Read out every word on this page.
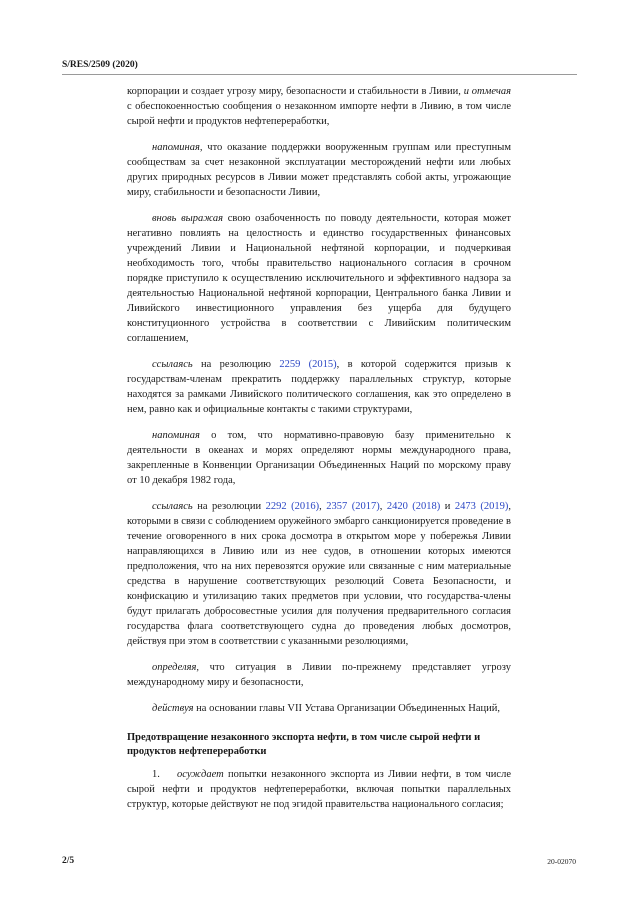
S/RES/2509 (2020)

корпорации и создает угрозу миру, безопасности и стабильности в Ливии, и отмечая с обеспокоенностью сообщения о незаконном импорте нефти в Ливию, в том числе сырой нефти и продуктов нефтепереработки,

напоминая, что оказание поддержки вооруженным группам или преступным сообществам за счет незаконной эксплуатации месторождений нефти или любых других природных ресурсов в Ливии может представлять собой акты, угрожающие миру, стабильности и безопасности Ливии,

вновь выражая свою озабоченность по поводу деятельности, которая может негативно повлиять на целостность и единство государственных финансовых учреждений Ливии и Национальной нефтяной корпорации, и подчеркивая необходимость того, чтобы правительство национального согласия в срочном порядке приступило к осуществлению исключительного и эффективного надзора за деятельностью Национальной нефтяной корпорации, Центрального банка Ливии и Ливийского инвестиционного управления без ущерба для будущего конституционного устройства в соответствии с Ливийским политическим соглашением,

ссылаясь на резолюцию 2259 (2015), в которой содержится призыв к государствам-членам прекратить поддержку параллельных структур, которые находятся за рамками Ливийского политического соглашения, как это определено в нем, равно как и официальные контакты с такими структурами,

напоминая о том, что нормативно-правовую базу применительно к деятельности в океанах и морях определяют нормы международного права, закрепленные в Конвенции Организации Объединенных Наций по морскому праву от 10 декабря 1982 года,

ссылаясь на резолюции 2292 (2016), 2357 (2017), 2420 (2018) и 2473 (2019), которыми в связи с соблюдением оружейного эмбарго санкционируется проведение в течение оговоренного в них срока досмотра в открытом море у побережья Ливии направляющихся в Ливию или из нее судов, в отношении которых имеются предположения, что на них перевозятся оружие или связанные с ним материальные средства в нарушение соответствующих резолюций Совета Безопасности, и конфискацию и утилизацию таких предметов при условии, что государства-члены будут прилагать добросовестные усилия для получения предварительного согласия государства флага соответствующего судна до проведения любых досмотров, действуя при этом в соответствии с указанными резолюциями,

определяя, что ситуация в Ливии по-прежнему представляет угрозу международному миру и безопасности,

действуя на основании главы VII Устава Организации Объединенных Наций,

Предотвращение незаконного экспорта нефти, в том числе сырой нефти и продуктов нефтепереработки

1. осуждает попытки незаконного экспорта из Ливии нефти, в том числе сырой нефти и продуктов нефтепереработки, включая попытки параллельных структур, которые действуют не под эгидой правительства национального согласия;

2/5	20-02070
